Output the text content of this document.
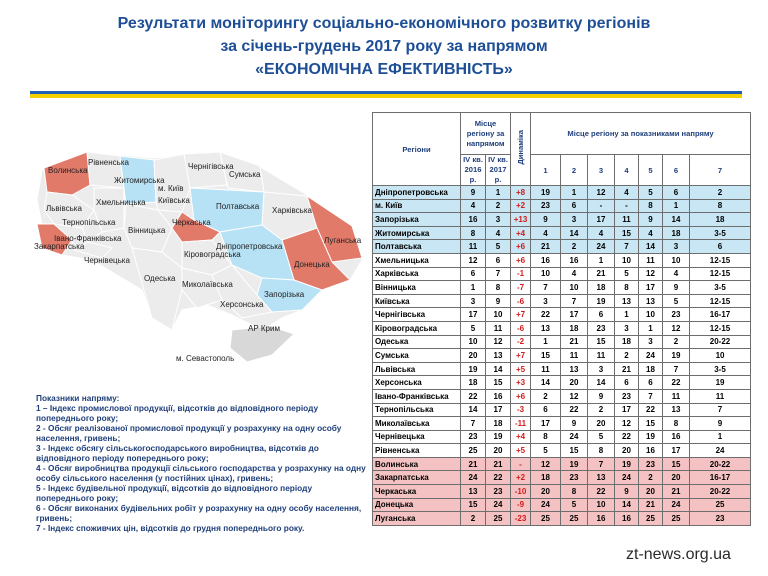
Результати моніторингу соціально-економічного розвитку регіонів
за січень-грудень 2017 року за напрямом
«ЕКОНОМІЧНА ЕФЕКТИВНІСТЬ»
Волинська
Рівненська
Житомирська
Чернігівська
Сумська
м. Київ
Київська
Львівська
Тернопільська
Хмельницька	Полтавська Харківська
Луганська
Закарпатська
Івано-Франківська
Вінницька
Черкаська
Кіровоградська
Дніпропетровська
Донецька
Чернівецька
Одеська
Миколаївська
Запорізька
Херсонська
АР Крим
м. Севастополь
Показники напряму:
1 – Індекс промислової продукції, відсотків до відповідного періоду попереднього року;
2 - Обсяг реалізованої промислової продукції у розрахунку на одну особу населення, гривень;
3 - Індекс обсягу сільськогосподарського виробництва, відсотків до відповідного періоду попереднього року;
4 - Обсяг виробництва продукції сільського господарства у розрахунку на одну особу сільського населення (у постійних цінах), гривень;
5 - Індекс будівельної продукції, відсотків до відповідного періоду попереднього року;
6 - Обсяг виконаних будівельних робіт у розрахунку на одну особу населення, гривень;
7 - Індекс споживчих цін, відсотків до грудня попереднього року.
Регіони	Місце регіону за напрямом		Динаміка	Місце регіону за показниками напряму						
	IV кв. 2016 р.	IV кв. 2017 р.		1	2	3	4	5	6	7
Дніпропетровська	9	1	+8	19	1	12	4	5	6	2
м. Київ	4	2	+2	23	6	-	-	8	1	8
Запорізька	16	3	+13	9	3	17	11	9	14	18
Житомирська	8	4	+4	4	14	4	15	4	18	3-5
Полтавська	11	5	+6	21	2	24	7	14	3	6
Хмельницька	12	6	+6	16	16	1	10	11	10	12-15
Харківська	6	7	-1	10	4	21	5	12	4	12-15
Вінницька	1	8	-7	7	10	18	8	17	9	3-5
Київська	3	9	-6	3	7	19	13	13	5	12-15
Чернігівська	17	10	+7	22	17	6	1	10	23	16-17
Кіровоградська	5	11	-6	13	18	23	3	1	12	12-15
Одеська	10	12	-2	1	21	15	18	3	2	20-22
Сумська	20	13	+7	15	11	11	2	24	19	10
Львівська	19	14	+5	11	13	3	21	18	7	3-5
Херсонська	18	15	+3	14	20	14	6	6	22	19
Івано-Франківська	22	16	+6	2	12	9	23	7	11	11
Тернопільська	14	17	-3	6	22	2	17	22	13	7
Миколаївська	7	18	-11	17	9	20	12	15	8	9
Чернівецька	23	19	+4	8	24	5	22	19	16	1
Рівненська	25	20	+5	5	15	8	20	16	17	24
Волинська	21	21	-	12	19	7	19	23	15	20-22
Закарпатська	24	22	+2	18	23	13	24	2	20	16-17
Черкаська	13	23	-10	20	8	22	9	20	21	20-22
Донецька	15	24	-9	24	5	10	14	21	24	25
Луганська	2	25	-23	25	25	16	16	25	25	23
zt-news.org.ua
